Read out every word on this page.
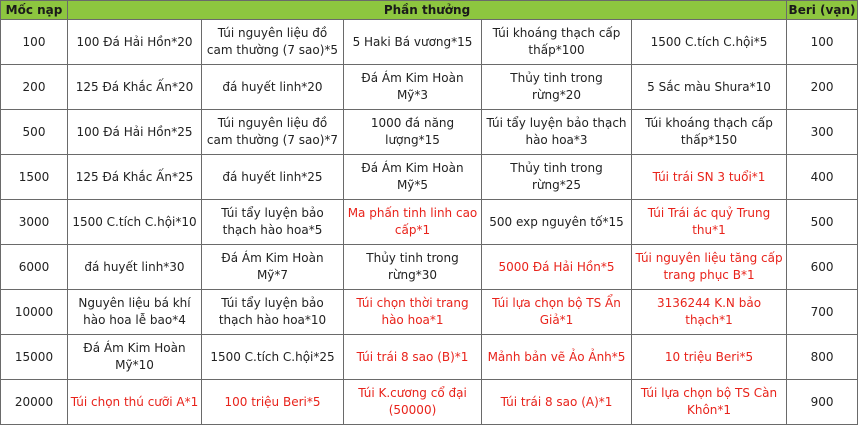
Mốc nạp	Phần thưởng					Beri (vạn)
100	100 Đá Hải Hồn*20	Túi nguyên liệu đồ cam thường (7 sao)*5	5 Haki Bá vương*15	Túi khoáng thạch cấp thấp*100	1500 C.tích C.hội*5	100
200	125 Đá Khắc Ấn*20	đá huyết linh*20	Đá Ám Kim Hoàn Mỹ*3	Thủy tinh trong rừng*20	5 Sắc màu Shura*10	200
500	100 Đá Hải Hồn*25	Túi nguyên liệu đồ cam thường (7 sao)*7	1000 đá năng lượng*15	Túi tẩy luyện bảo thạch hào hoa*3	Túi khoáng thạch cấp thấp*150	300
1500	125 Đá Khắc Ấn*25	đá huyết linh*25	Đá Ám Kim Hoàn Mỹ*5	Thủy tinh trong rừng*25	Túi trái SN 3 tuổi*1	400
3000	1500 C.tích C.hội*10	Túi tẩy luyện bảo thạch hào hoa*5	Ma phấn tinh linh cao cấp*1	500 exp nguyên tố*15	Túi Trái ác quỷ Trung thu*1	500
6000	đá huyết linh*30	Đá Ám Kim Hoàn Mỹ*7	Thủy tinh trong rừng*30	5000 Đá Hải Hồn*5	Túi nguyên liệu tăng cấp trang phục B*1	600
10000	Nguyên liệu bá khí hào hoa lễ bao*4	Túi tẩy luyện bảo thạch hào hoa*10	Túi chọn thời trang hào hoa*1	Túi lựa chọn bộ TS Ẩn Giả*1	3136244 K.N bảo thạch*1	700
15000	Đá Ám Kim Hoàn Mỹ*10	1500 C.tích C.hội*25	Túi trái 8 sao (B)*1	Mảnh bản vẽ Ảo Ảnh*5	10 triệu Beri*5	800
20000	Túi chọn thú cưỡi A*1	100 triệu Beri*5	Túi K.cương cổ đại (50000)	Túi trái 8 sao (A)*1	Túi lựa chọn bộ TS Càn Khôn*1	900
